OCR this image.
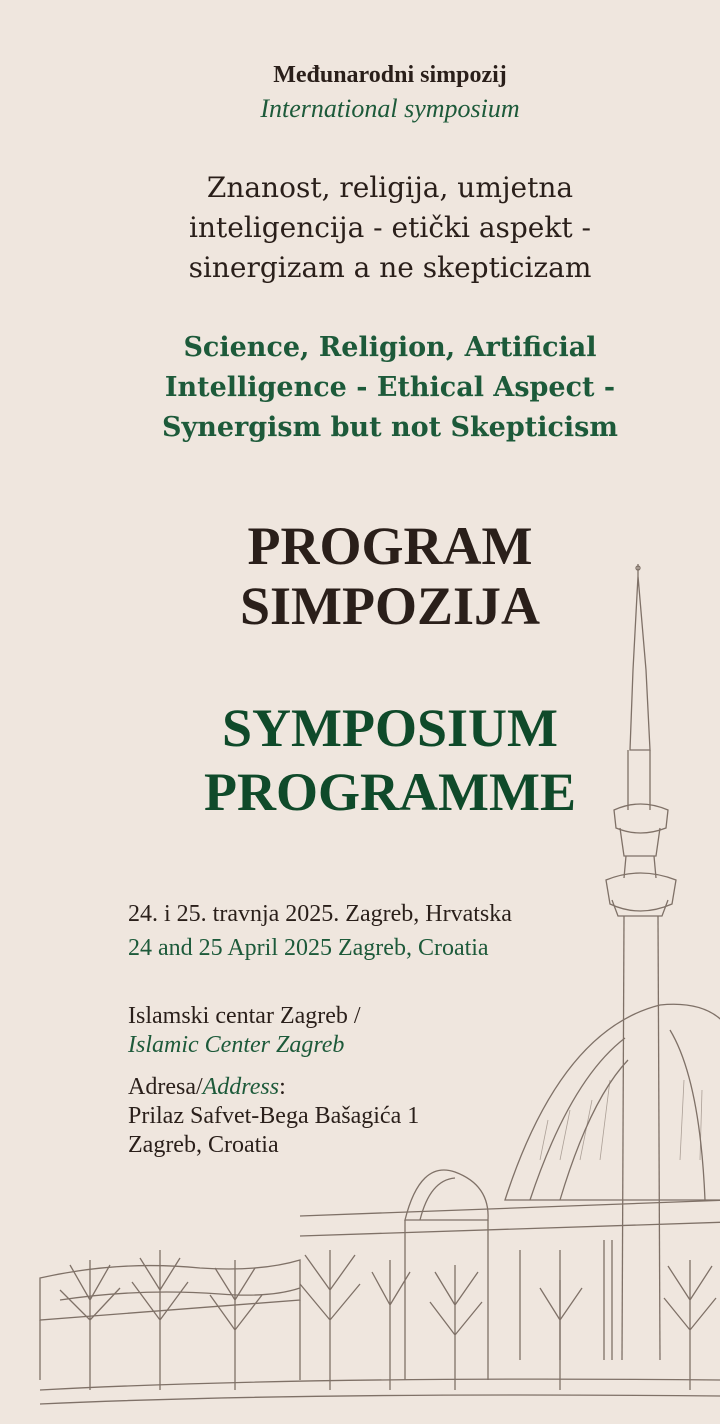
Međunarodni simpozij
International symposium
Znanost, religija, umjetna
inteligencija - etički aspekt -
sinergizam a ne skepticizam
Science, Religion, Artificial
Intelligence - Ethical Aspect -
Synergism but not Skepticism
PROGRAM
SIMPOZIJA
SYMPOSIUM
PROGRAMME
24. i 25. travnja 2025. Zagreb, Hrvatska
24 and 25 April 2025 Zagreb, Croatia
Islamski centar Zagreb /
Islamic Center Zagreb
Adresa/Address:
Prilaz Safvet-Bega Bašagića 1
Zagreb, Croatia
